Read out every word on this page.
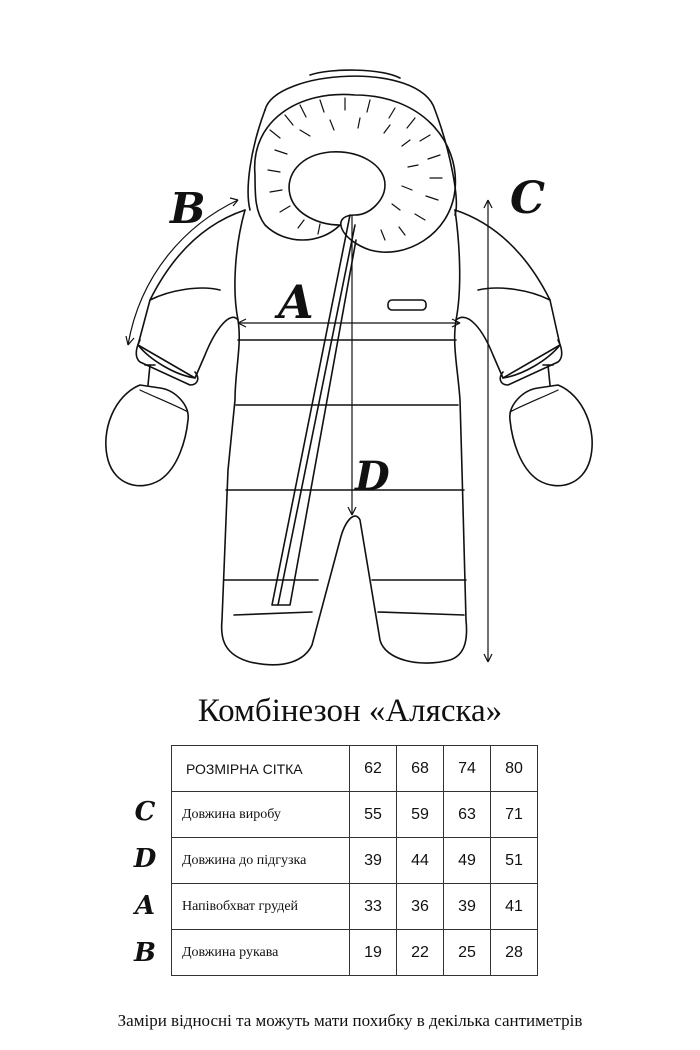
A
B	C
D
Комбінезон «Аляска»
РОЗМІРНА СІТКА	62	68	74	80
Довжина виробу	55	59	63	71
Довжина до підгузка	39	44	49	51
Напівобхват грудей	33	36	39	41
Довжина рукава	19	22	25	28
C
D
A
B
Заміри відносні та можуть мати похибку в декілька сантиметрів
